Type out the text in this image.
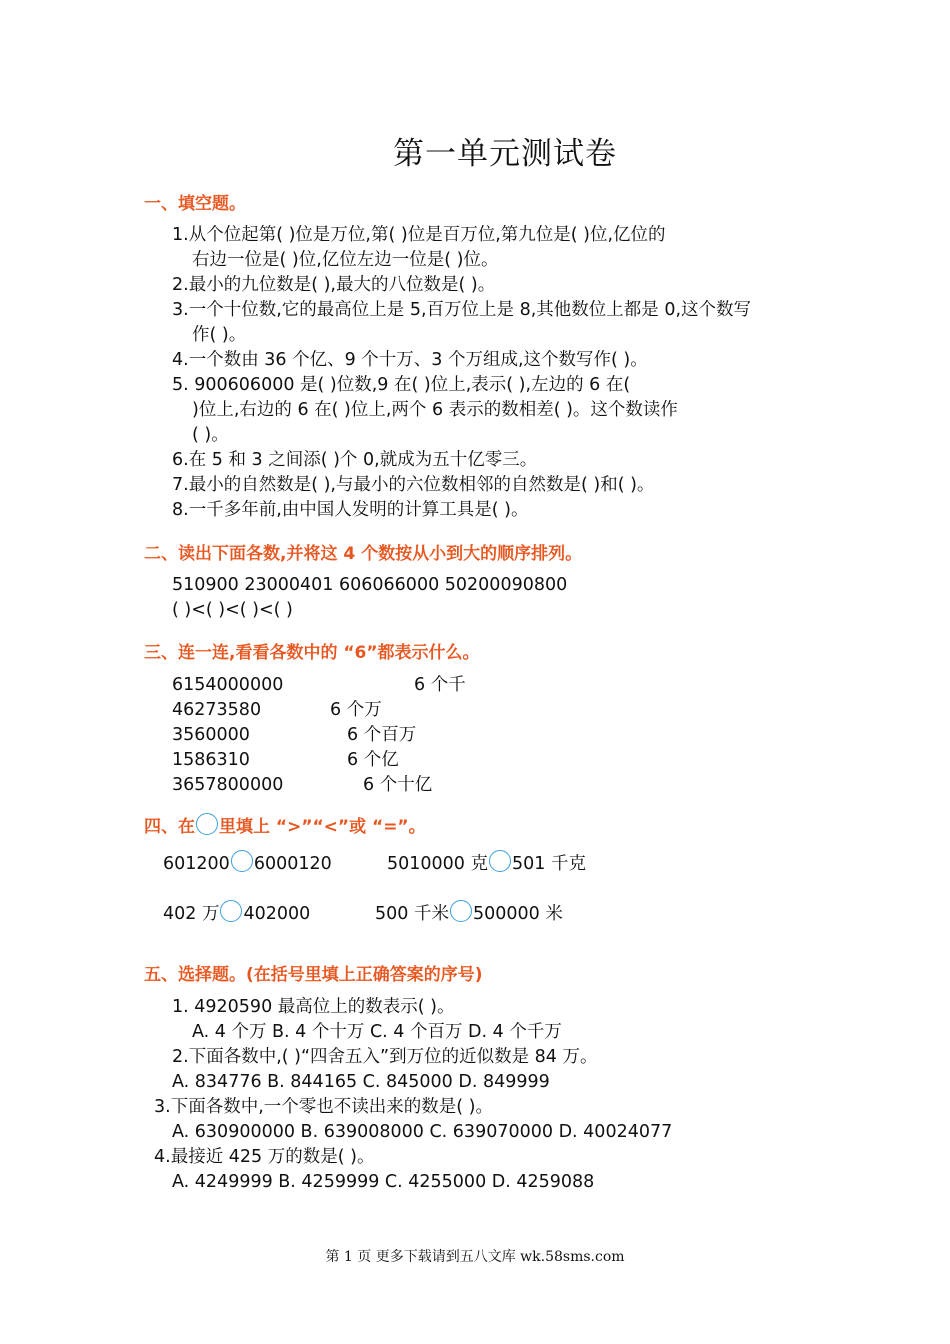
第一单元测试卷
一、填空题。
1.从个位起第( )位是万位,第( )位是百万位,第九位是( )位,亿位的
右边一位是( )位,亿位左边一位是( )位。
2.最小的九位数是( ),最大的八位数是( )。
3.一个十位数,它的最高位上是 5,百万位上是 8,其他数位上都是 0,这个数写
作( )。
4.一个数由 36 个亿、9 个十万、3 个万组成,这个数写作( )。
5. 900606000 是( )位数,9 在( )位上,表示( ),左边的 6 在(
)位上,右边的 6 在( )位上,两个 6 表示的数相差( )。这个数读作
( )。
6.在 5 和 3 之间添( )个 0,就成为五十亿零三。
7.最小的自然数是( ),与最小的六位数相邻的自然数是( )和( )。
8.一千多年前,由中国人发明的计算工具是( )。
二、读出下面各数,并将这 4 个数按从小到大的顺序排列。
510900 23000401 606066000 50200090800
( )<( )<( )<( )
三、连一连,看看各数中的 “6”都表示什么。
6154000000
46273580
3560000
1586310
3657800000
6 个千
6 个万
6 个百万
6 个亿
6 个十亿
四、在 里填上 “>”“<”或 “=”。
601200 6000120	5010000 克 501 千克
402 万 402000	500 千米 500000 米
五、选择题。(在括号里填上正确答案的序号)
1. 4920590 最高位上的数表示( )。
A. 4 个万 B. 4 个十万 C. 4 个百万 D. 4 个千万
2.下面各数中,( )“四舍五入”到万位的近似数是 84 万。
A. 834776 B. 844165 C. 845000 D. 849999
3.下面各数中,一个零也不读出来的数是( )。
A. 630900000 B. 639008000 C. 639070000 D. 40024077
4.最接近 425 万的数是( )。
A. 4249999 B. 4259999 C. 4255000 D. 4259088
第 1 页 更多下载请到五八文库 wk.58sms.com
